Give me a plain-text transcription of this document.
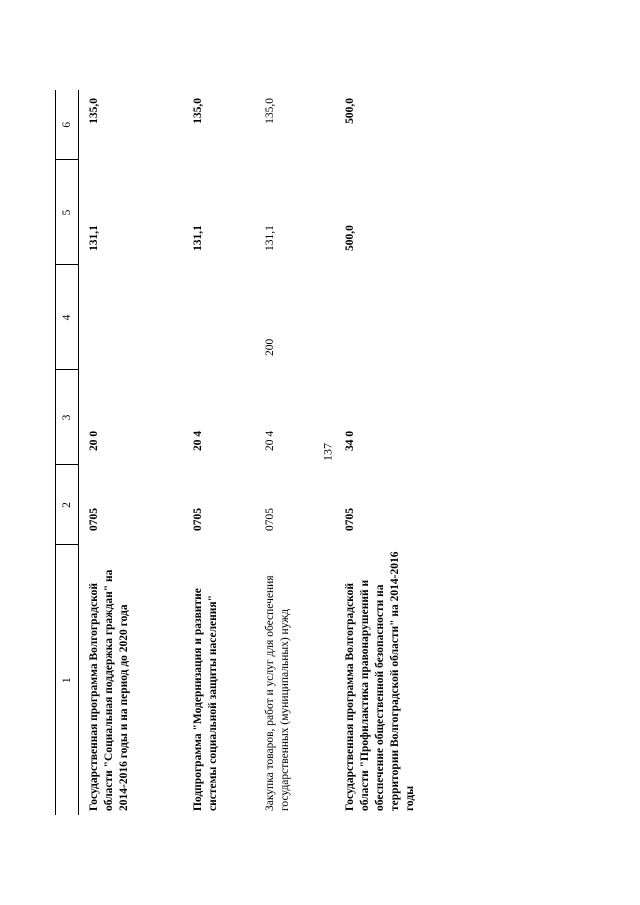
137
1	2	3	4	5	6
Государственная программа Волгоградской области "Социальная поддержка граждан" на 2014-2016 годы и на период до 2020 года	0705	20 0		131,1	135,0
Подпрограмма "Модернизация и развитие системы социальной защиты населения"	0705	20 4		131,1	135,0
Закупка товаров, работ и услуг для обеспечения государственных (муниципальных) нужд	0705	20 4	200	131,1	135,0
Государственная программа Волгоградской области "Профилактика правонарушений и обеспечение общественной безопасности на территории Волгоградской области" на 2014-2016 годы	0705	34 0		500,0	500,0
